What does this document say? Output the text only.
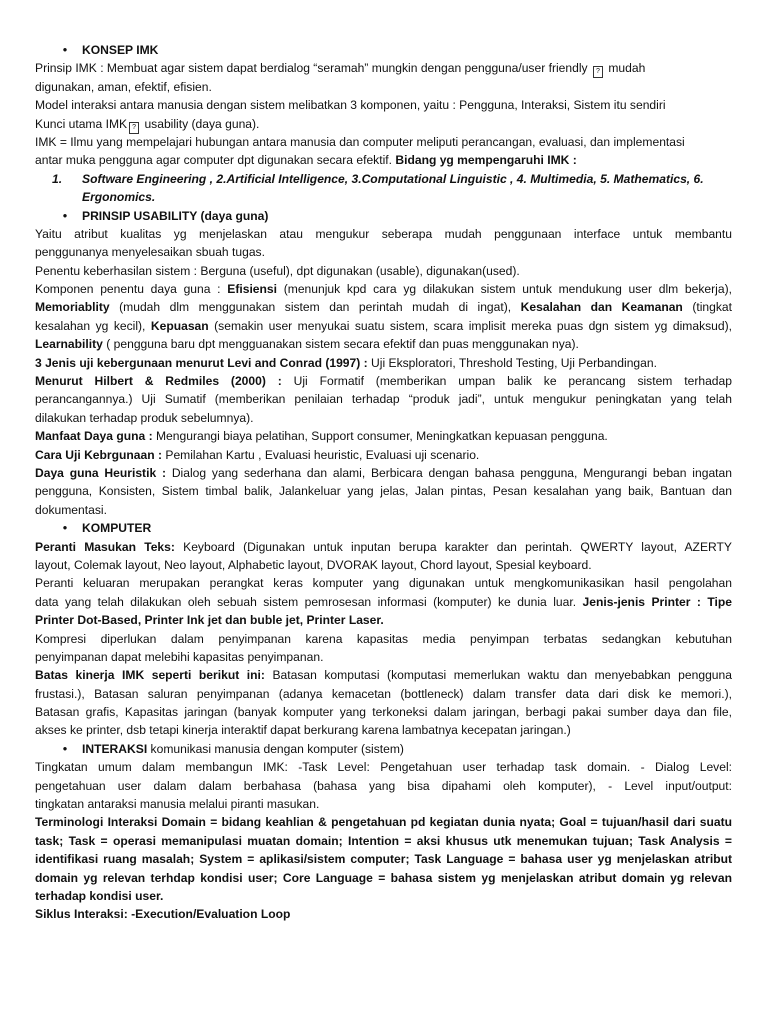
•	KONSEP IMK
Prinsip IMK : Membuat agar sistem dapat berdialog “seramah” mungkin dengan pengguna/user friendly ? mudah
digunakan, aman, efektif, efisien.
Model interaksi antara manusia dengan sistem melibatkan 3 komponen, yaitu : Pengguna, Interaksi, Sistem itu sendiri
Kunci utama IMK ? usability (daya guna).
IMK = Ilmu yang mempelajari hubungan antara manusia dan computer meliputi perancangan, evaluasi, dan implementasi
antar muka pengguna agar computer dpt digunakan secara efektif. Bidang yg mempengaruhi IMK :
1. Software Engineering , 2.Artificial Intelligence, 3.Computational Linguistic , 4. Multimedia, 5. Mathematics, 6.
Ergonomics.
•	PRINSIP USABILITY (daya guna)
Yaitu atribut kualitas yg menjelaskan atau mengukur seberapa mudah penggunaan interface untuk membantu
penggunanya menyelesaikan sbuah tugas.
Penentu keberhasilan sistem : Berguna (useful), dpt digunakan (usable), digunakan(used).
Komponen penentu daya guna : Efisiensi (menunjuk kpd cara yg dilakukan sistem untuk mendukung user dlm bekerja),
Memoriablity (mudah dlm menggunakan sistem dan perintah mudah di ingat), Kesalahan dan Keamanan (tingkat
kesalahan yg kecil), Kepuasan (semakin user menyukai suatu sistem, scara implisit mereka puas dgn sistem yg dimaksud),
Learnability ( pengguna baru dpt mengguanakan sistem secara efektif dan puas menggunakan nya).
3 Jenis uji kebergunaan menurut Levi and Conrad (1997) : Uji Eksploratori, Threshold Testing, Uji Perbandingan.
Menurut Hilbert & Redmiles (2000) : Uji Formatif (memberikan umpan balik ke perancang sistem terhadap
perancangannya.) Uji Sumatif (memberikan penilaian terhadap “produk jadi”, untuk mengukur peningkatan yang telah
dilakukan terhadap produk sebelumnya).
Manfaat Daya guna : Mengurangi biaya pelatihan, Support consumer, Meningkatkan kepuasan pengguna.
Cara Uji Kebrgunaan : Pemilahan Kartu , Evaluasi heuristic, Evaluasi uji scenario.
Daya guna Heuristik : Dialog yang sederhana dan alami, Berbicara dengan bahasa pengguna, Mengurangi beban ingatan
pengguna, Konsisten, Sistem timbal balik, Jalankeluar yang jelas, Jalan pintas, Pesan kesalahan yang baik, Bantuan dan
dokumentasi.
•	KOMPUTER
Peranti Masukan Teks: Keyboard (Digunakan untuk inputan berupa karakter dan perintah. QWERTY layout, AZERTY
layout, Colemak layout, Neo layout, Alphabetic layout, DVORAK layout, Chord layout, Spesial keyboard.
Peranti keluaran merupakan perangkat keras komputer yang digunakan untuk mengkomunikasikan hasil pengolahan
data yang telah dilakukan oleh sebuah sistem pemrosesan informasi (komputer) ke dunia luar. Jenis-jenis Printer : Tipe
Printer Dot-Based, Printer Ink jet dan buble jet, Printer Laser.
Kompresi diperlukan dalam penyimpanan karena kapasitas media penyimpan terbatas sedangkan kebutuhan
penyimpanan dapat melebihi kapasitas penyimpanan.
Batas kinerja IMK seperti berikut ini: Batasan komputasi (komputasi memerlukan waktu dan menyebabkan pengguna
frustasi.), Batasan saluran penyimpanan (adanya kemacetan (bottleneck) dalam transfer data dari disk ke memori.),
Batasan grafis, Kapasitas jaringan (banyak komputer yang terkoneksi dalam jaringan, berbagi pakai sumber daya dan file,
akses ke printer, dsb tetapi kinerja interaktif dapat berkurang karena lambatnya kecepatan jaringan.)
•	INTERAKSI komunikasi manusia dengan komputer (sistem)
Tingkatan umum dalam membangun IMK: -Task Level: Pengetahuan user terhadap task domain. - Dialog Level:
pengetahuan user dalam dalam berbahasa (bahasa yang bisa dipahami oleh komputer), - Level input/output:
tingkatan antaraksi manusia melalui piranti masukan.
Terminologi Interaksi Domain = bidang keahlian & pengetahuan pd kegiatan dunia nyata; Goal = tujuan/hasil dari suatu
task; Task = operasi memanipulasi muatan domain; Intention = aksi khusus utk menemukan tujuan; Task Analysis =
identifikasi ruang masalah; System = aplikasi/sistem computer; Task Language = bahasa user yg menjelaskan atribut
domain yg relevan terhdap kondisi user; Core Language = bahasa sistem yg menjelaskan atribut domain yg relevan
terhadap kondisi user.
Siklus Interaksi: -Execution/Evaluation Loop
